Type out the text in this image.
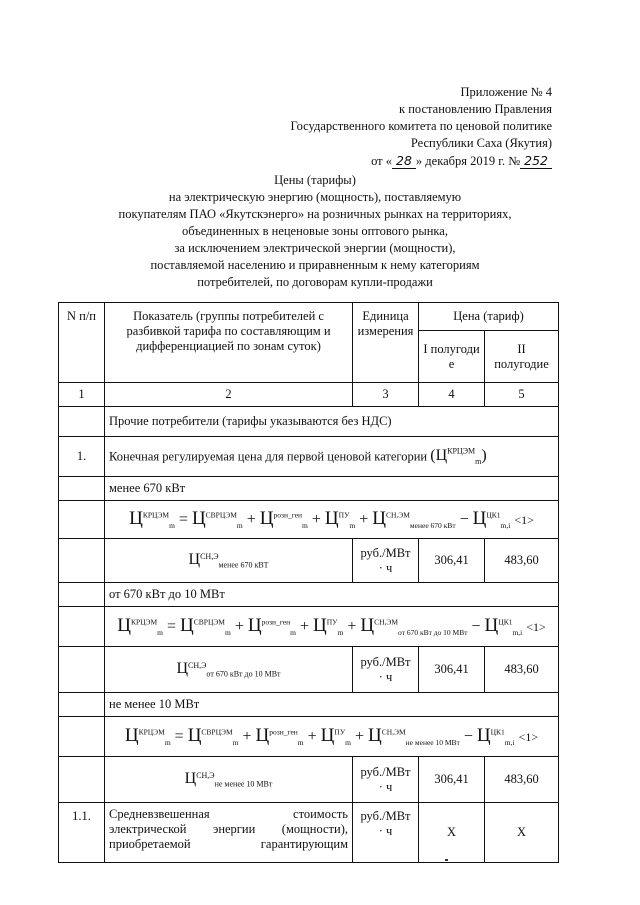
Приложение № 4
к постановлению Правления
Государственного комитета по ценовой политике
Республики Саха (Якутия)
от « 28 » декабря 2019 г. № 252
Цены (тарифы)
на электрическую энергию (мощность), поставляемую
покупателям ПАО «Якутскэнерго» на розничных рынках на территориях,
объединенных в неценовые зоны оптового рынка,
за исключением электрической энергии (мощности),
поставляемой населению и приравненным к нему категориям
потребителей, по договорам купли-продажи
N п/п	Показатель (группы потребителей с разбивкой тарифа по составляющим и дифференциацией по зонам суток)	Единица измерения	Цена (тариф)	
			I полугоди е	II полугодие
1	2	3	4	5
	Прочие потребители (тарифы указываются без НДС)			
1.	Конечная регулируемая цена для первой ценовой категории $(Ц^{КРЦЭМ}_m)$			
	менее 670 кВт			
	$Ц^{КРЦЭМ}_m = Ц^{СВРЦЭМ}_m + Ц^{розн\_ген}_m + Ц^{ПУ}_m + Ц^{СН,ЭМ}_{менее 670 кВт} - Ц^{ЦК1}_{m,i} <1>$			
	$Ц^{СН,Э}_{менее 670 кВТ}$	руб./МВт · ч	306,41	483,60
	от 670 кВт до 10 МВт			
	$Ц^{КРЦЭМ}_m = Ц^{СВРЦЭМ}_m + Ц^{розн\_ген}_m + Ц^{ПУ}_m + Ц^{СН,ЭМ}_{от 670 кВт до 10 МВт} - Ц^{ЦК1}_{m,i} <1>$			
	$Ц^{СН,Э}_{от 670 кВт до 10 МВт}$	руб./МВт · ч	306,41	483,60
	не менее 10 МВт			
	$Ц^{КРЦЭМ}_m = Ц^{СВРЦЭМ}_m + Ц^{розн\_ген}_m + Ц^{ПУ}_m + Ц^{СН,ЭМ}_{не менее 10 МВт} - Ц^{ЦК1}_{m,i} <1>$			
	$Ц^{СН,Э}_{не менее 10 МВт}$	руб./МВт · ч	306,41	483,60
1.1.	Средневзвешенная стоимость электрической энергии (мощности), приобретаемой гарантирующим	руб./МВт · ч	X	X
